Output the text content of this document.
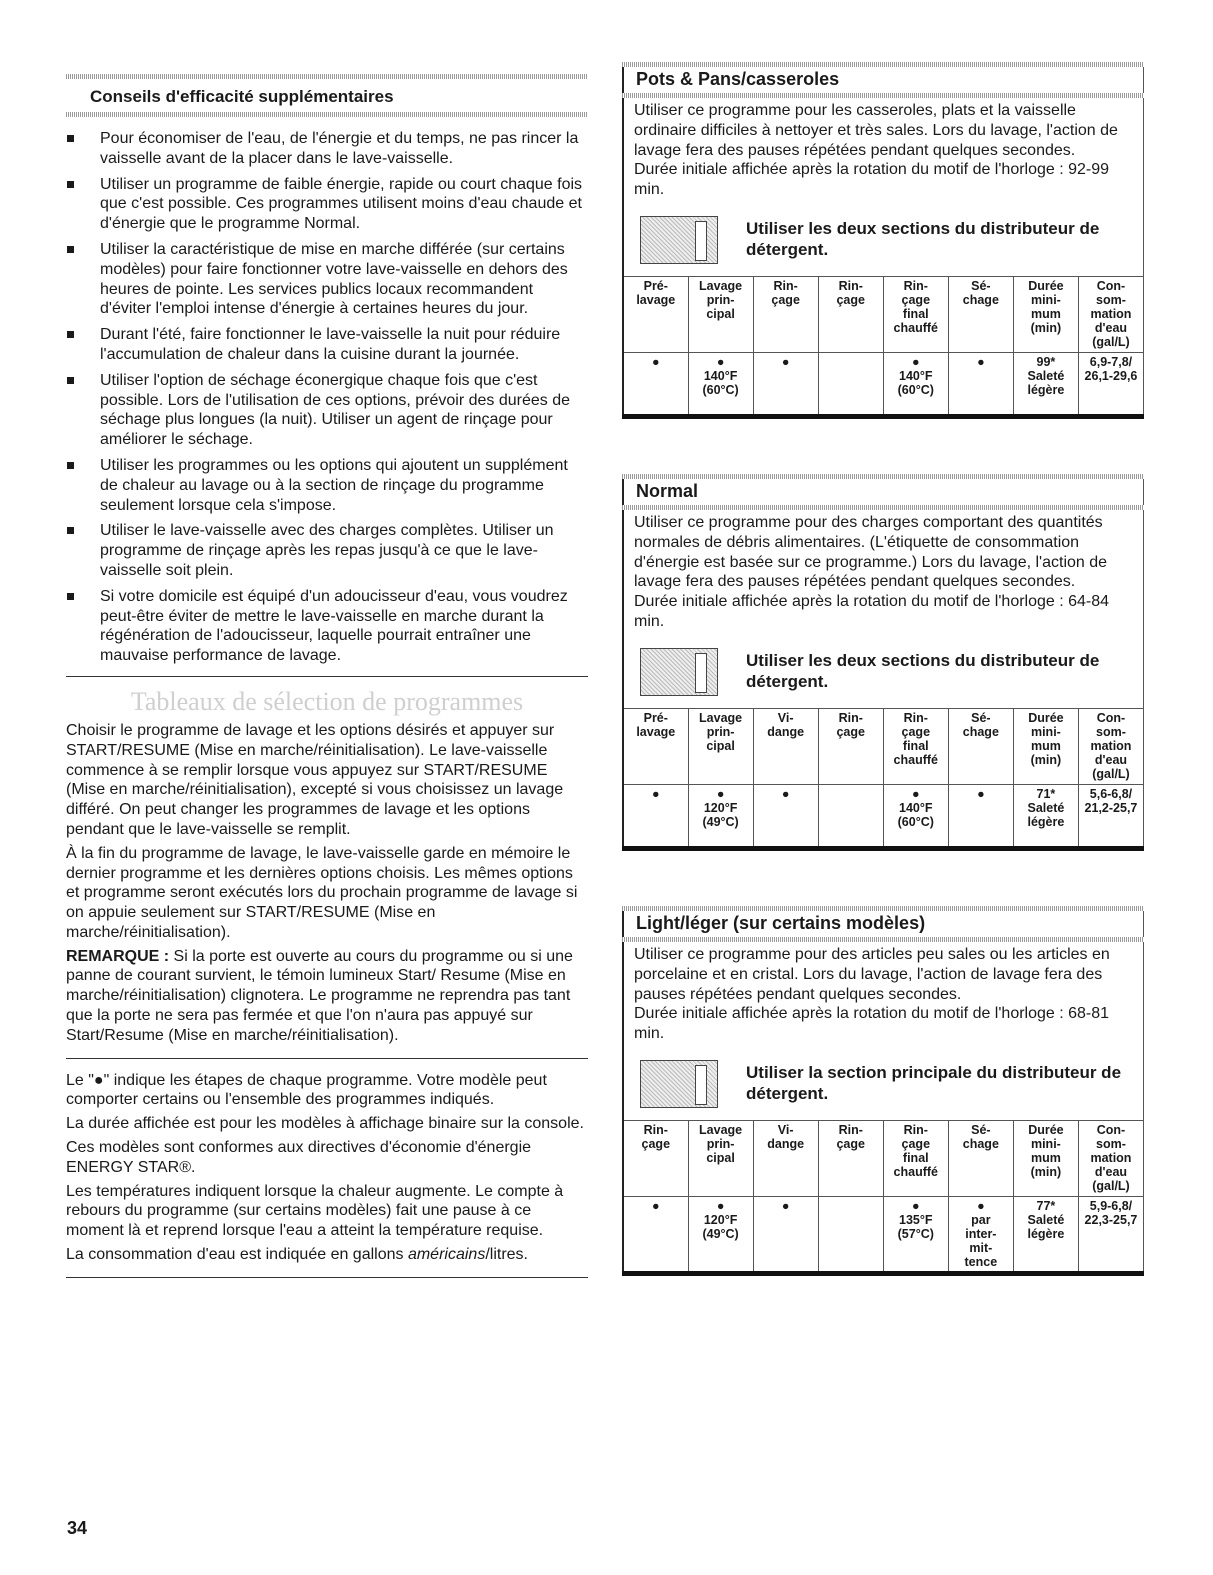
Conseils d'efficacité supplémentaires
Pour économiser de l'eau, de l'énergie et du temps, ne pas rincer la vaisselle avant de la placer dans le lave-vaisselle.
Utiliser un programme de faible énergie, rapide ou court chaque fois que c'est possible. Ces programmes utilisent moins d'eau chaude et d'énergie que le programme Normal.
Utiliser la caractéristique de mise en marche différée (sur certains modèles) pour faire fonctionner votre lave-vaisselle en dehors des heures de pointe. Les services publics locaux recommandent d'éviter l'emploi intense d'énergie à certaines heures du jour.
Durant l'été, faire fonctionner le lave-vaisselle la nuit pour réduire l'accumulation de chaleur dans la cuisine durant la journée.
Utiliser l'option de séchage éconergique chaque fois que c'est possible. Lors de l'utilisation de ces options, prévoir des durées de séchage plus longues (la nuit). Utiliser un agent de rinçage pour améliorer le séchage.
Utiliser les programmes ou les options qui ajoutent un supplément de chaleur au lavage ou à la section de rinçage du programme seulement lorsque cela s'impose.
Utiliser le lave-vaisselle avec des charges complètes. Utiliser un programme de rinçage après les repas jusqu'à ce que le lave-vaisselle soit plein.
Si votre domicile est équipé d'un adoucisseur d'eau, vous voudrez peut-être éviter de mettre le lave-vaisselle en marche durant la régénération de l'adoucisseur, laquelle pourrait entraîner une mauvaise performance de lavage.
Tableaux de sélection de programmes

Choisir le programme de lavage et les options désirés et appuyer sur START/RESUME (Mise en marche/réinitialisation). Le lave-vaisselle commence à se remplir lorsque vous appuyez sur START/RESUME (Mise en marche/réinitialisation), excepté si vous choisissez un lavage différé. On peut changer les programmes de lavage et les options pendant que le lave-vaisselle se remplit.

À la fin du programme de lavage, le lave-vaisselle garde en mémoire le dernier programme et les dernières options choisis. Les mêmes options et programme seront exécutés lors du prochain programme de lavage si on appuie seulement sur START/RESUME (Mise en marche/réinitialisation).

REMARQUE : Si la porte est ouverte au cours du programme ou si une panne de courant survient, le témoin lumineux Start/ Resume (Mise en marche/réinitialisation) clignotera. Le programme ne reprendra pas tant que la porte ne sera pas fermée et que l'on n'aura pas appuyé sur Start/Resume (Mise en marche/réinitialisation).

Le "●" indique les étapes de chaque programme. Votre modèle peut comporter certains ou l'ensemble des programmes indiqués.

La durée affichée est pour les modèles à affichage binaire sur la console.

Ces modèles sont conformes aux directives d'économie d'énergie ENERGY STAR®.

Les températures indiquent lorsque la chaleur augmente. Le compte à rebours du programme (sur certains modèles) fait une pause à ce moment là et reprend lorsque l'eau a atteint la température requise.

La consommation d'eau est indiquée en gallons américains/litres.

34
Pots & Pans/casseroles

Utiliser ce programme pour les casseroles, plats et la vaisselle ordinaire difficiles à nettoyer et très sales. Lors du lavage, l'action de lavage fera des pauses répétées pendant quelques secondes.

Durée initiale affichée après la rotation du motif de l'horloge : 92-99 min.

Utiliser les deux sections du distributeur de détergent.
Pré-
lavage	Lavage
prin-
cipal	Rin-
çage	Rin-
çage	Rin-
çage
final
chauffé	Sé-
chage	Durée
mini-
mum
(min)	Con-
som-
mation
d'eau
(gal/L)

●	●
140°F
(60°C)	●		●
140°F
(60°C)	●	99*
Saleté
légère	6,9-7,8/
26,1-29,6
Normal

Utiliser ce programme pour des charges comportant des quantités normales de débris alimentaires. (L'étiquette de consommation d'énergie est basée sur ce programme.) Lors du lavage, l'action de lavage fera des pauses répétées pendant quelques secondes.

Durée initiale affichée après la rotation du motif de l'horloge : 64-84 min.

Utiliser les deux sections du distributeur de détergent.
Pré-
lavage	Lavage
prin-
cipal	Vi-
dange	Rin-
çage	Rin-
çage
final
chauffé	Sé-
chage	Durée
mini-
mum
(min)	Con-
som-
mation
d'eau
(gal/L)

●	●
120°F
(49°C)	●		●
140°F
(60°C)	●	71*
Saleté
légère	5,6-6,8/
21,2-25,7
Light/léger (sur certains modèles)

Utiliser ce programme pour des articles peu sales ou les articles en porcelaine et en cristal. Lors du lavage, l'action de lavage fera des pauses répétées pendant quelques secondes.

Durée initiale affichée après la rotation du motif de l'horloge : 68-81 min.

Utiliser la section principale du distributeur de détergent.
Rin-
çage	Lavage
prin-
cipal	Vi-
dange	Rin-
çage	Rin-
çage
final
chauffé	Sé-
chage	Durée
mini-
mum
(min)	Con-
som-
mation
d'eau
(gal/L)

●	●
120°F
(49°C)	●		●
135°F
(57°C)	●
par
inter-
mit-
tence	77*
Saleté
légère	5,9-6,8/
22,3-25,7
